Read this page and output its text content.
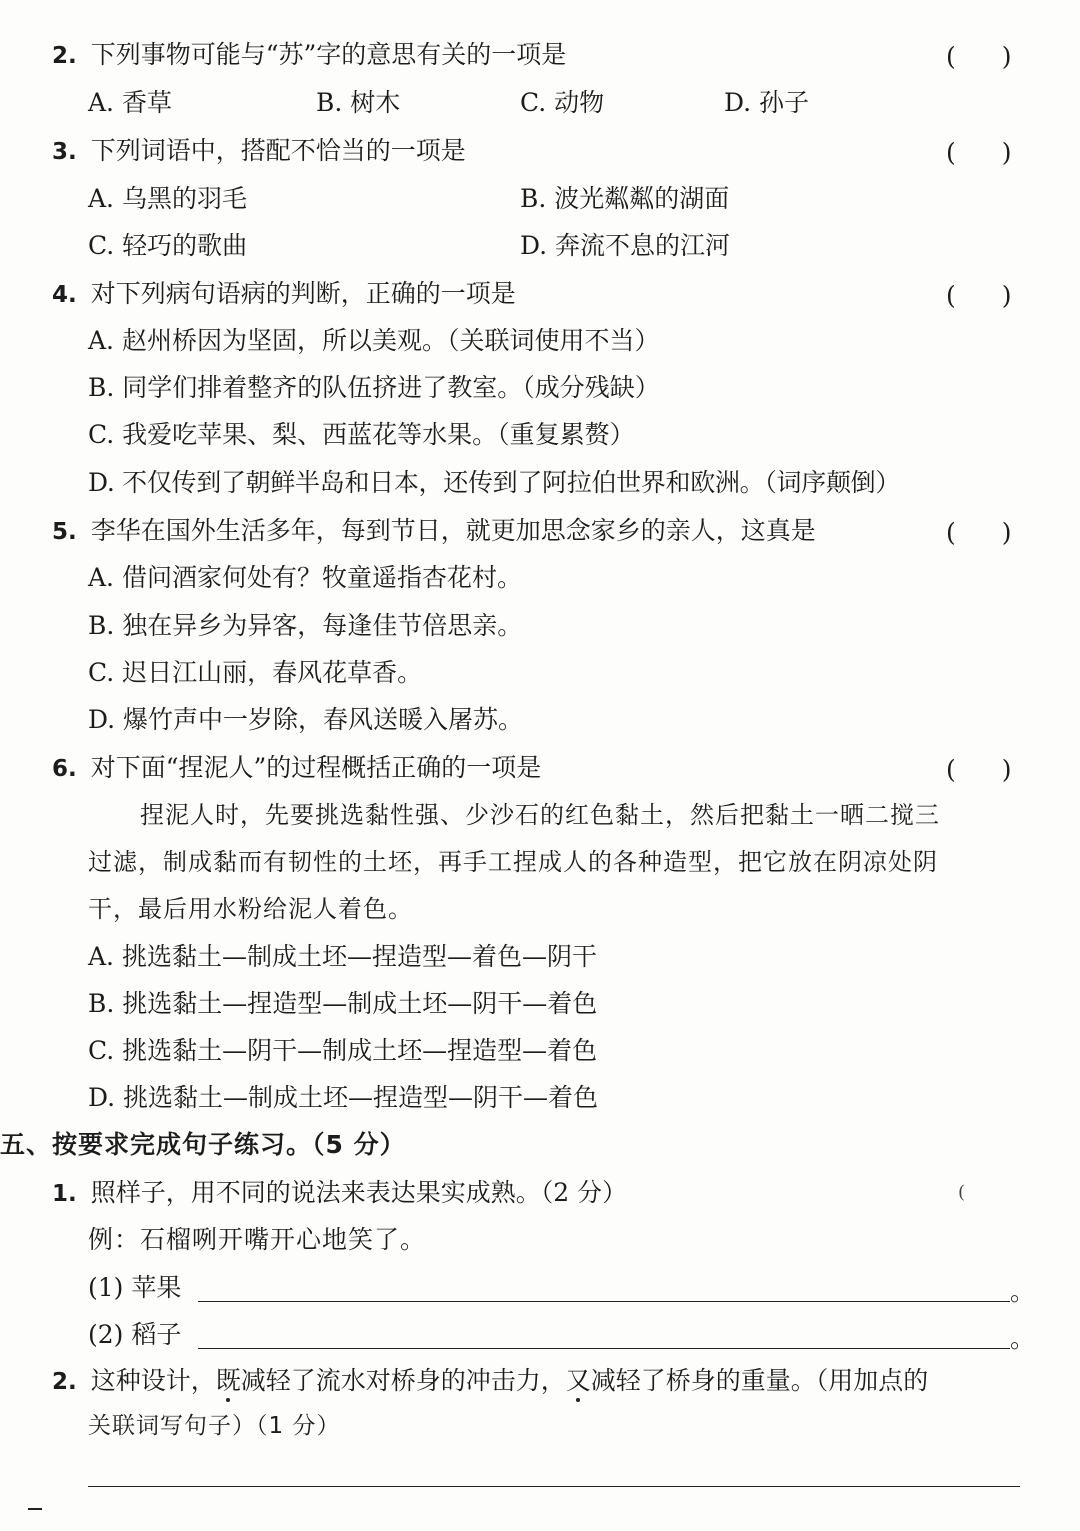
2. 下列事物可能与“苏”字的意思有关的一项是	( )
A. 香草	B. 树木	C. 动物	D. 孙子
3. 下列词语中，搭配不恰当的一项是	( )
A. 乌黑的羽毛	B. 波光粼粼的湖面
C. 轻巧的歌曲	D. 奔流不息的江河
4. 对下列病句语病的判断，正确的一项是	( )
A. 赵州桥因为坚固，所以美观。（关联词使用不当）
B. 同学们排着整齐的队伍挤进了教室。（成分残缺）
C. 我爱吃苹果、梨、西蓝花等水果。（重复累赘）
D. 不仅传到了朝鲜半岛和日本，还传到了阿拉伯世界和欧洲。（词序颠倒）
5. 李华在国外生活多年，每到节日，就更加思念家乡的亲人，这真是	( )
A. 借问酒家何处有？牧童遥指杏花村。
B. 独在异乡为异客，每逢佳节倍思亲。
C. 迟日江山丽，春风花草香。
D. 爆竹声中一岁除，春风送暖入屠苏。
6. 对下面“捏泥人”的过程概括正确的一项是	( )
捏泥人时，先要挑选黏性强、少沙石的红色黏土，然后把黏土一晒二搅三
过滤，制成黏而有韧性的土坯，再手工捏成人的各种造型，把它放在阴凉处阴
干，最后用水粉给泥人着色。
A. 挑选黏土—制成土坯—捏造型—着色—阴干
B. 挑选黏土—捏造型—制成土坯—阴干—着色
C. 挑选黏土—阴干—制成土坯—捏造型—着色
D. 挑选黏土—制成土坯—捏造型—阴干—着色
五、按要求完成句子练习。（5 分）
1. 照样子，用不同的说法来表达果实成熟。（2 分）	(
例：石榴咧开嘴开心地笑了。
(1) 苹果	。
(2) 稻子	。
2. 这种设计，既减轻了流水对桥身的冲击力，又减轻了桥身的重量。（用加点的
关联词写句子）（1 分）
